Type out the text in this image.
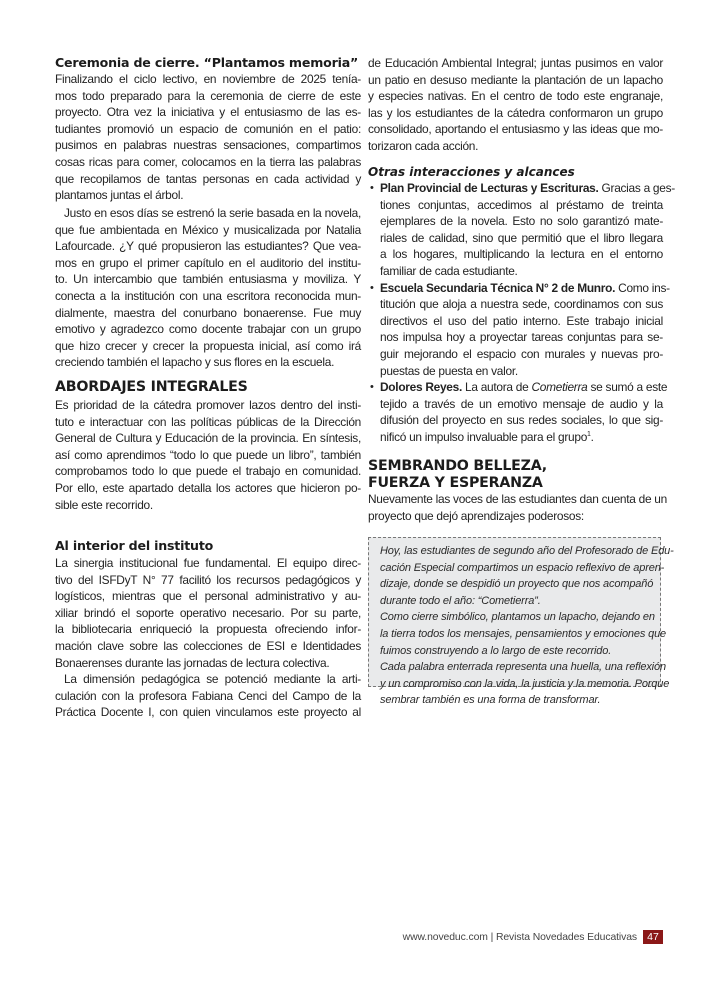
Ceremonia de cierre. “Plantamos memoria”
Finalizando el ciclo lectivo, en noviembre de 2025 tenía-
mos todo preparado para la ceremonia de cierre de este
proyecto. Otra vez la iniciativa y el entusiasmo de las es-
tudiantes promovió un espacio de comunión en el patio:
pusimos en palabras nuestras sensaciones, compartimos
cosas ricas para comer, colocamos en la tierra las palabras
que recopilamos de tantas personas en cada actividad y
plantamos juntas el árbol.
Justo en esos días se estrenó la serie basada en la novela,
que fue ambientada en México y musicalizada por Natalia
Lafourcade. ¿Y qué propusieron las estudiantes? Que vea-
mos en grupo el primer capítulo en el auditorio del institu-
to. Un intercambio que también entusiasma y moviliza. Y
conecta a la institución con una escritora reconocida mun-
dialmente, maestra del conurbano bonaerense. Fue muy
emotivo y agradezco como docente trabajar con un grupo
que hizo crecer y crecer la propuesta inicial, así como irá
creciendo también el lapacho y sus flores en la escuela.
ABORDAJES INTEGRALES
Es prioridad de la cátedra promover lazos dentro del insti-
tuto e interactuar con las políticas públicas de la Dirección
General de Cultura y Educación de la provincia. En síntesis,
así como aprendimos “todo lo que puede un libro”, también
comprobamos todo lo que puede el trabajo en comunidad.
Por ello, este apartado detalla los actores que hicieron po-
sible este recorrido.
Al interior del instituto
La sinergia institucional fue fundamental. El equipo direc-
tivo del ISFDyT N° 77 facilitó los recursos pedagógicos y
logísticos, mientras que el personal administrativo y au-
xiliar brindó el soporte operativo necesario. Por su parte,
la bibliotecaria enriqueció la propuesta ofreciendo infor-
mación clave sobre las colecciones de ESI e Identidades
Bonaerenses durante las jornadas de lectura colectiva.
La dimensión pedagógica se potenció mediante la arti-
culación con la profesora Fabiana Cenci del Campo de la
Práctica Docente I, con quien vinculamos este proyecto al
de Educación Ambiental Integral; juntas pusimos en valor
un patio en desuso mediante la plantación de un lapacho
y especies nativas. En el centro de todo este engranaje,
las y los estudiantes de la cátedra conformaron un grupo
consolidado, aportando el entusiasmo y las ideas que mo-
torizaron cada acción.
Otras interacciones y alcances
• Plan Provincial de Lecturas y Escrituras. Gracias a ges-
tiones conjuntas, accedimos al préstamo de treinta
ejemplares de la novela. Esto no solo garantizó mate-
riales de calidad, sino que permitió que el libro llegara
a los hogares, multiplicando la lectura en el entorno
familiar de cada estudiante.
• Escuela Secundaria Técnica N° 2 de Munro. Como ins-
titución que aloja a nuestra sede, coordinamos con sus
directivos el uso del patio interno. Este trabajo inicial
nos impulsa hoy a proyectar tareas conjuntas para se-
guir mejorando el espacio con murales y nuevas pro-
puestas de puesta en valor.
• Dolores Reyes. La autora de Cometierra se sumó a este
tejido a través de un emotivo mensaje de audio y la
difusión del proyecto en sus redes sociales, lo que sig-
nificó un impulso invaluable para el grupo$^1$.
SEMBRANDO BELLEZA,
FUERZA Y ESPERANZA
Nuevamente las voces de las estudiantes dan cuenta de un
proyecto que dejó aprendizajes poderosos:
Hoy, las estudiantes de segundo año del Profesorado de Edu-
cación Especial compartimos un espacio reflexivo de apren-
dizaje, donde se despidió un proyecto que nos acompañó
durante todo el año: “Cometierra”.
Como cierre simbólico, plantamos un lapacho, dejando en
la tierra todos los mensajes, pensamientos y emociones que
fuimos construyendo a lo largo de este recorrido.
Cada palabra enterrada representa una huella, una reflexión
y un compromiso con la vida, la justicia y la memoria. Porque
sembrar también es una forma de transformar.
www.noveduc.com | Revista Novedades Educativas 47
